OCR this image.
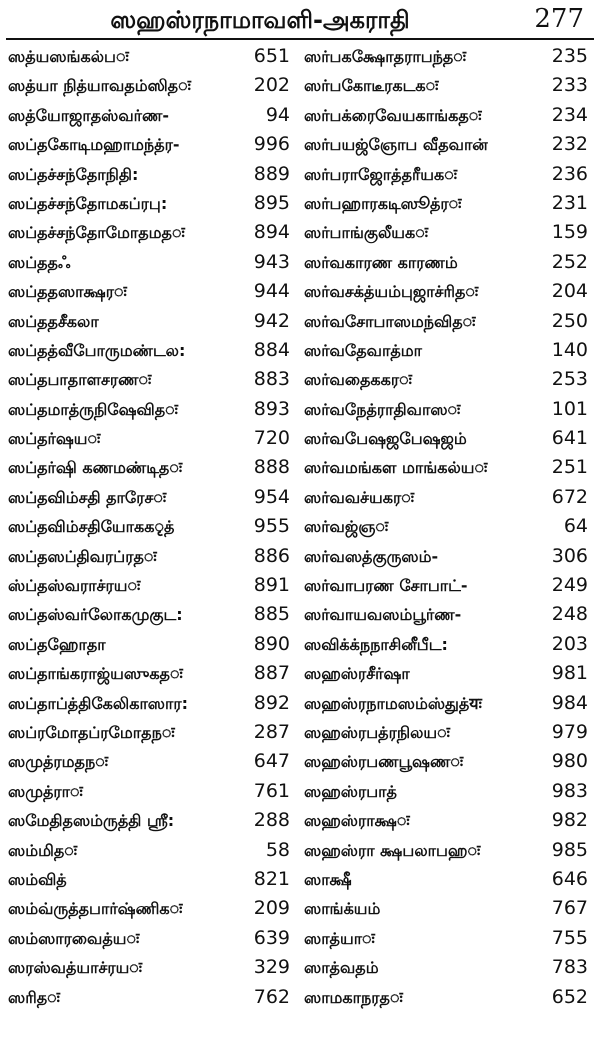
ஸஹஸ்ரநாமாவளி-அகராதி	277
ஸத்யஸங்கல்பः	651
ஸத்யா நித்யாவதம்ஸிதः	202
ஸத்யோஜாதஸ்வர்ண-	94
ஸப்தகோடிமஹாமந்த்ர-	996
ஸப்தச்சந்தோநிதி:	889
ஸப்தச்சந்தோமகப்ரபு:	895
ஸப்தச்சந்தோமோதமதः	894
ஸப்ததஃ	943
ஸப்ததஸாக்ஷரः	944
ஸப்ததசீகலா	942
ஸப்தத்வீபோருமண்டல:	884
ஸப்தபாதாளசரணः	883
ஸப்தமாத்ருநிஷேவிதः	893
ஸப்தர்ஷயः	720
ஸப்தர்ஷி கணமண்டிதः	888
ஸப்தவிம்சதி தாரேசः	954
ஸப்தவிம்சதியோககृத்	955
ஸப்தஸப்திவரப்ரதः	886
ஸ்ப்தஸ்வராச்ரயः	891
ஸப்தஸ்வர்லோகமுகுட:	885
ஸப்தஹோதா	890
ஸப்தாங்கராஜ்யஸுகதः	887
ஸப்தாப்த்திகேலிகாஸார:	892
ஸப்ரமோதப்ரமோதநः	287
ஸமுத்ரமதநः	647
ஸமுத்ராः	761
ஸமேதிதஸம்ருத்தி ஸ்ரீ:	288
ஸம்மிதः	58
ஸம்வித்	821
ஸம்வ்ருத்தபார்ஷ்ணிகः	209
ஸம்ஸாரவைத்யः	639
ஸரஸ்வத்யாச்ரயः	329
ஸரிதः	762
ஸர்பகக்ஷோதராபந்தः	235
ஸர்பகோடீரகடகः	233
ஸர்பக்ரைவேயகாங்கதः	234
ஸர்பயஜ்ஞோப வீதவான்	232
ஸர்பராஜோத்தரீயகः	236
ஸர்பஹாரகடிஸூத்ரः	231
ஸர்பாங்குலீயகः	159
ஸர்வகாரண காரணம்	252
ஸர்வசக்த்யம்புஜாச்ரிதः	204
ஸர்வசோபாஸமந்விதः	250
ஸர்வதேவாத்மா	140
ஸர்வதைககரः	253
ஸர்வநேத்ராதிவாஸः	101
ஸர்வபேஷஜபேஷஜம்	641
ஸர்வமங்கள மாங்கல்யः	251
ஸர்வவச்யகரः	672
ஸர்வஜ்ஞः	64
ஸர்வஸத்குருஸம்-	306
ஸர்வாபரண சோபாட்-	249
ஸர்வாயவஸம்பூர்ண-	248
ஸவிக்க்நநாசினீபீட:	203
ஸஹஸ்ரசீர்ஷா	981
ஸஹஸ்ரநாமஸம்ஸ்துத்यः	984
ஸஹஸ்ரபத்ரநிலயः	979
ஸஹஸ்ரபணபூஷணः	980
ஸஹஸ்ரபாத்	983
ஸஹஸ்ராக்ஷः	982
ஸஹஸ்ரா க்ஷபலாபஹः	985
ஸாக்ஷீ	646
ஸாங்க்யம்	767
ஸாத்யாः	755
ஸாத்வதம்	783
ஸாமகாநரதः	652
